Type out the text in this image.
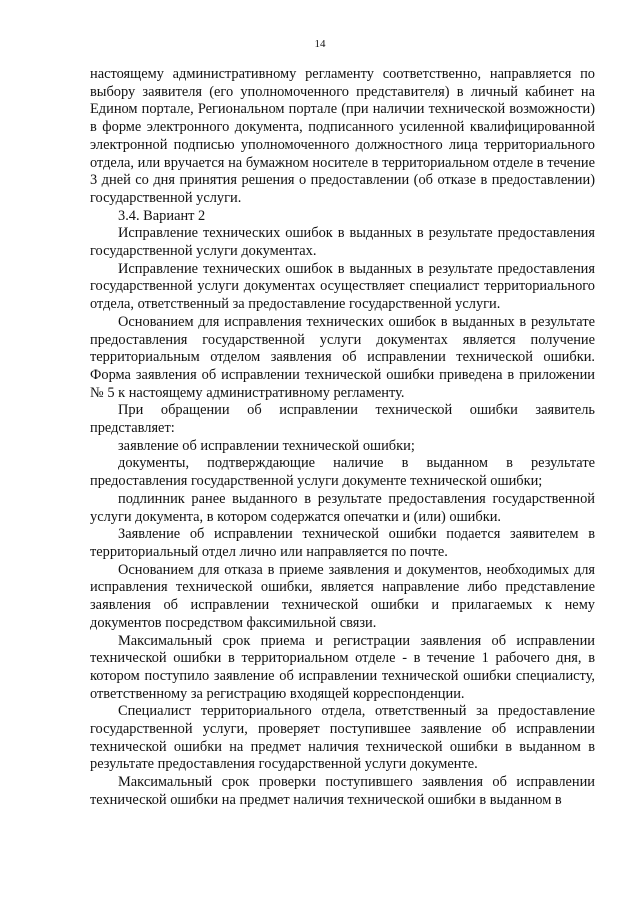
14

настоящему административному регламенту соответственно, направляется по выбору заявителя (его уполномоченного представителя) в личный кабинет на Едином портале, Региональном портале (при наличии технической возможности) в форме электронного документа, подписанного усиленной квалифицированной электронной подписью уполномоченного должностного лица территориального отдела, или вручается на бумажном носителе в территориальном отделе в течение 3 дней со дня принятия решения о предоставлении (об отказе в предоставлении) государственной услуги.

3.4. Вариант 2

Исправление технических ошибок в выданных в результате предоставления государственной услуги документах.

Исправление технических ошибок в выданных в результате предоставления государственной услуги документах осуществляет специалист территориального отдела, ответственный за предоставление государственной услуги.

Основанием для исправления технических ошибок в выданных в результате предоставления государственной услуги документах является получение территориальным отделом заявления об исправлении технической ошибки. Форма заявления об исправлении технической ошибки приведена в приложении № 5 к настоящему административному регламенту.

При обращении об исправлении технической ошибки заявитель представляет:

заявление об исправлении технической ошибки;

документы, подтверждающие наличие в выданном в результате предоставления государственной услуги документе технической ошибки;

подлинник ранее выданного в результате предоставления государственной услуги документа, в котором содержатся опечатки и (или) ошибки.

Заявление об исправлении технической ошибки подается заявителем в территориальный отдел лично или направляется по почте.

Основанием для отказа в приеме заявления и документов, необходимых для исправления технической ошибки, является направление либо представление заявления об исправлении технической ошибки и прилагаемых к нему документов посредством факсимильной связи.

Максимальный срок приема и регистрации заявления об исправлении технической ошибки в территориальном отделе - в течение 1 рабочего дня, в котором поступило заявление об исправлении технической ошибки специалисту, ответственному за регистрацию входящей корреспонденции.

Специалист территориального отдела, ответственный за предоставление государственной услуги, проверяет поступившее заявление об исправлении технической ошибки на предмет наличия технической ошибки в выданном в результате предоставления государственной услуги документе.

Максимальный срок проверки поступившего заявления об исправлении технической ошибки на предмет наличия технической ошибки в выданном в
